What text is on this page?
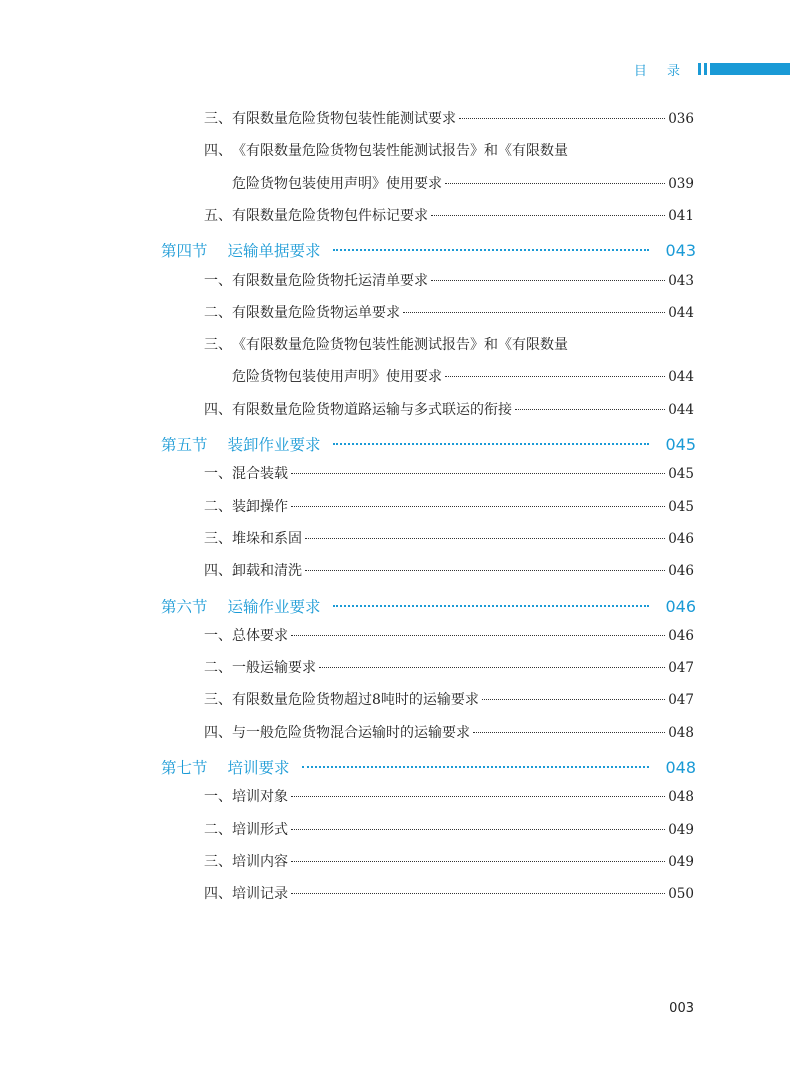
目 录
三、 有限数量危险货物包装性能测试要求	036
四、 《有限数量危险货物包装性能测试报告》和《有限数量
危险货物包装使用声明》使用要求	039
五、 有限数量危险货物包件标记要求	041
第四节 运输单据要求	043
一、 有限数量危险货物托运清单要求	043
二、 有限数量危险货物运单要求	044
三、 《有限数量危险货物包装性能测试报告》和《有限数量
危险货物包装使用声明》使用要求	044
四、 有限数量危险货物道路运输与多式联运的衔接	044
第五节 装卸作业要求	045
一、 混合装载	045
二、 装卸操作	045
三、 堆垛和系固	046
四、 卸载和清洗	046
第六节 运输作业要求	046
一、 总体要求	046
二、 一般运输要求	047
三、 有限数量危险货物超过8吨时的运输要求	047
四、 与一般危险货物混合运输时的运输要求	048
第七节 培训要求	048
一、 培训对象	048
二、 培训形式	049
三、 培训内容	049
四、 培训记录	050
003
